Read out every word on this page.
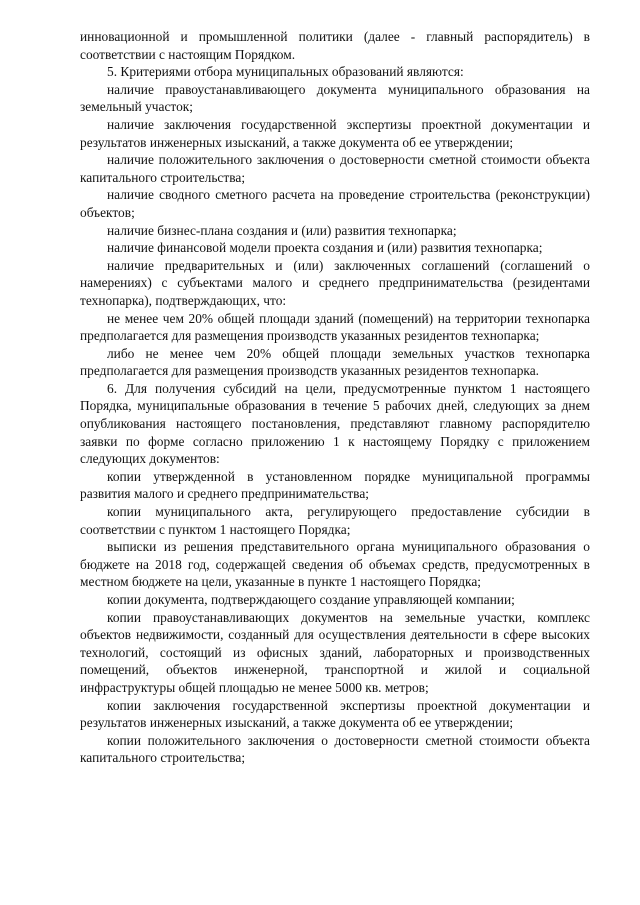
инновационной и промышленной политики (далее - главный распорядитель) в соответствии с настоящим Порядком.

5. Критериями отбора муниципальных образований являются:

наличие правоустанавливающего документа муниципального образования на земельный участок;

наличие заключения государственной экспертизы проектной документации и результатов инженерных изысканий, а также документа об ее утверждении;

наличие положительного заключения о достоверности сметной стоимости объекта капитального строительства;

наличие сводного сметного расчета на проведение строительства (реконструкции) объектов;

наличие бизнес-плана создания и (или) развития технопарка;

наличие финансовой модели проекта создания и (или) развития технопарка;

наличие предварительных и (или) заключенных соглашений (соглашений о намерениях) с субъектами малого и среднего предпринимательства (резидентами технопарка), подтверждающих, что:

не менее чем 20% общей площади зданий (помещений) на территории технопарка предполагается для размещения производств указанных резидентов технопарка;

либо не менее чем 20% общей площади земельных участков технопарка предполагается для размещения производств указанных резидентов технопарка.

6. Для получения субсидий на цели, предусмотренные пунктом 1 настоящего Порядка, муниципальные образования в течение 5 рабочих дней, следующих за днем опубликования настоящего постановления, представляют главному распорядителю заявки по форме согласно приложению 1 к настоящему Порядку с приложением следующих документов:

копии утвержденной в установленном порядке муниципальной программы развития малого и среднего предпринимательства;

копии муниципального акта, регулирующего предоставление субсидии в соответствии с пунктом 1 настоящего Порядка;

выписки из решения представительного органа муниципального образования о бюджете на 2018 год, содержащей сведения об объемах средств, предусмотренных в местном бюджете на цели, указанные в пункте 1 настоящего Порядка;

копии документа, подтверждающего создание управляющей компании;

копии правоустанавливающих документов на земельные участки, комплекс объектов недвижимости, созданный для осуществления деятельности в сфере высоких технологий, состоящий из офисных зданий, лабораторных и производственных помещений, объектов инженерной, транспортной и жилой и социальной инфраструктуры общей площадью не менее 5000 кв. метров;

копии заключения государственной экспертизы проектной документации и результатов инженерных изысканий, а также документа об ее утверждении;

копии положительного заключения о достоверности сметной стоимости объекта капитального строительства;
